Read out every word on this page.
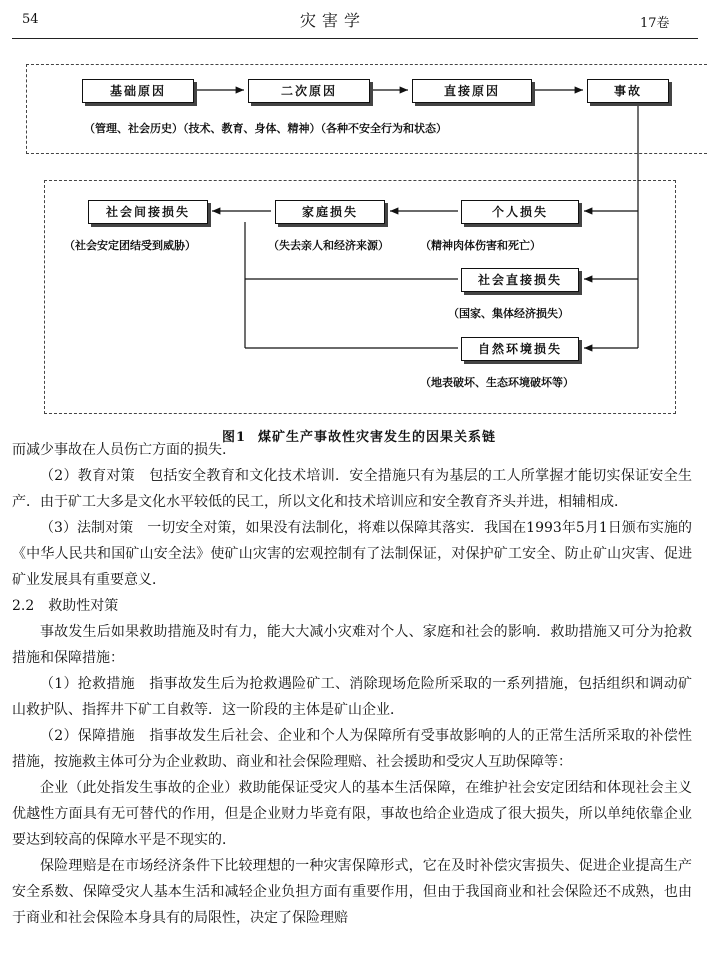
54	灾害学	17卷
基础原因	二次原因	直接原因	事故
（管理、社会历史）（技术、教育、身体、精神）（各种不安全行为和状态）
社会间接损失	家庭损失	个人损失
社会直接损失
自然环境损失
（社会安定团结受到威胁）	（失去亲人和经济来源）	（精神肉体伤害和死亡）
（国家、集体经济损失）
（地表破坏、生态环境破坏等）
图1 煤矿生产事故性灾害发生的因果关系链

而减少事故在人员伤亡方面的损失.

（2）教育对策　包括安全教育和文化技术培训．安全措施只有为基层的工人所掌握才能切实保证安全生产．由于矿工大多是文化水平较低的民工，所以文化和技术培训应和安全教育齐头并进，相辅相成．

（3）法制对策　一切安全对策，如果没有法制化，将难以保障其落实．我国在1993年5月1日颁布实施的《中华人民共和国矿山安全法》使矿山灾害的宏观控制有了法制保证，对保护矿工安全、防止矿山灾害、促进矿业发展具有重要意义．

2.2　救助性对策

事故发生后如果救助措施及时有力，能大大减小灾难对个人、家庭和社会的影响．救助措施又可分为抢救措施和保障措施：

（1）抢救措施　指事故发生后为抢救遇险矿工、消除现场危险所采取的一系列措施，包括组织和调动矿山救护队、指挥井下矿工自救等．这一阶段的主体是矿山企业．

（2）保障措施　指事故发生后社会、企业和个人为保障所有受事故影响的人的正常生活所采取的补偿性措施，按施救主体可分为企业救助、商业和社会保险理赔、社会援助和受灾人互助保障等：

企业（此处指发生事故的企业）救助能保证受灾人的基本生活保障，在维护社会安定团结和体现社会主义优越性方面具有无可替代的作用，但是企业财力毕竟有限，事故也给企业造成了很大损失，所以单纯依靠企业要达到较高的保障水平是不现实的．

保险理赔是在市场经济条件下比较理想的一种灾害保障形式，它在及时补偿灾害损失、促进企业提高生产安全系数、保障受灾人基本生活和减轻企业负担方面有重要作用，但由于我国商业和社会保险还不成熟，也由于商业和社会保险本身具有的局限性，决定了保险理赔
